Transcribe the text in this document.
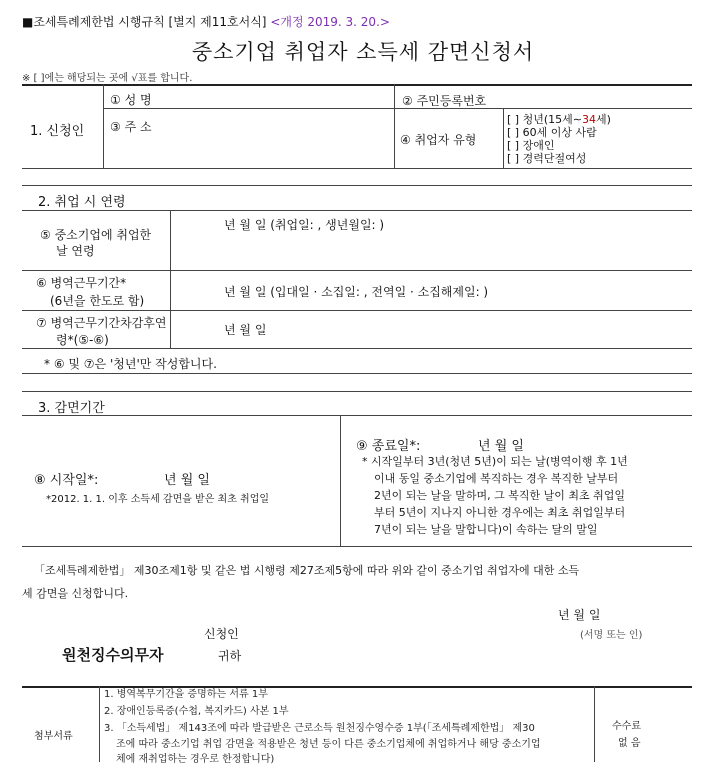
■조세특례제한법 시행규칙 [별지 제11호서식] <개정 2019. 3. 20.>
중소기업 취업자 소득세 감면신청서
※ [ ]에는 해당되는 곳에 √표를 합니다.
1. 신청인
① 성 명	② 주민등록번호
③ 주 소
④ 취업자 유형
[ ] 청년(15세∼34세)
[ ] 60세 이상 사람
[ ] 장애인
[ ] 경력단절여성
2. 취업 시 연령
⑤ 중소기업에 취업한
날 연령
년 월 일 (취업일: , 생년월일: )
⑥ 병역근무기간*
(6년을 한도로 함)
년 월 일 (입대일 · 소집일: , 전역일 · 소집해제일: )
⑦ 병역근무기간차감후연
령*(⑤-⑥)
년 월 일
* ⑥ 및 ⑦은 '청년'만 작성합니다.
3. 감면기간
⑧ 시작일*:	년 월 일
*2012. 1. 1. 이후 소득세 감면을 받은 최초 취업일
⑨ 종료일*:	년 월 일
* 시작일부터 3년(청년 5년)이 되는 날(병역이행 후 1년
이내 동일 중소기업에 복직하는 경우 복직한 날부터
2년이 되는 날을 말하며, 그 복직한 날이 최초 취업일
부터 5년이 지나지 아니한 경우에는 최초 취업일부터
7년이 되는 날을 말합니다)이 속하는 달의 말일
「조세특례제한법」 제30조제1항 및 같은 법 시행령 제27조제5항에 따라 위와 같이 중소기업 취업자에 대한 소득
세 감면을 신청합니다.
년 월 일
신청인	(서명 또는 인)
원천징수의무자	귀하
첨부서류
1. 병역복무기간을 증명하는 서류 1부
2. 장애인등록증(수첩, 복지카드) 사본 1부
3. 「소득세법」 제143조에 따라 발급받은 근로소득 원천징수영수증 1부(「조세특례제한법」 제30
조에 따라 중소기업 취업 감면을 적용받은 청년 등이 다른 중소기업체에 취업하거나 해당 중소기업
체에 재취업하는 경우로 한정합니다)
수수료
없 음
